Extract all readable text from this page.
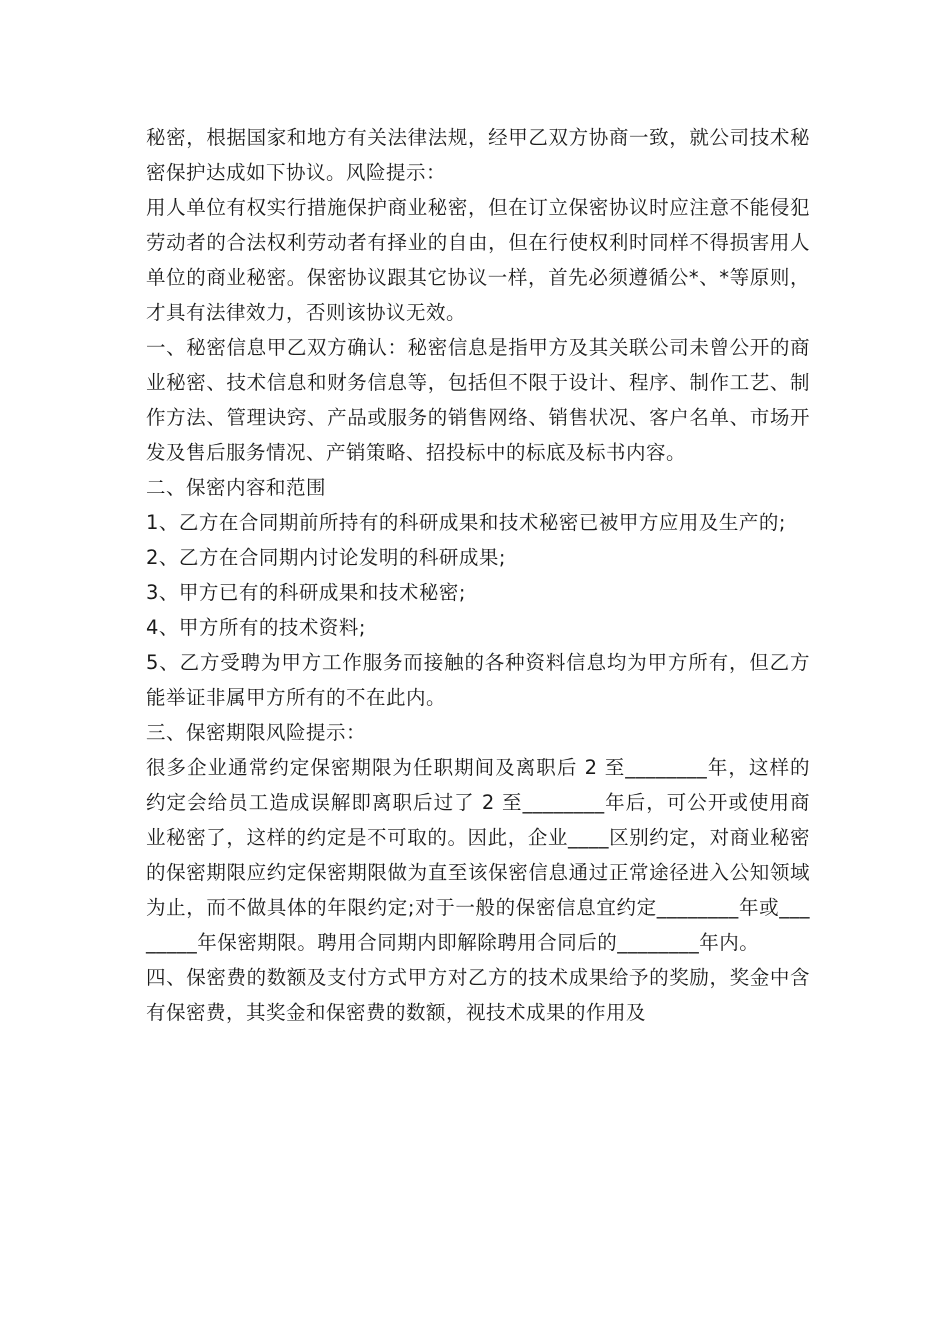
秘密，根据国家和地方有关法律法规，经甲乙双方协商一致，就公司技术秘密保护达成如下协议。风险提示：

用人单位有权实行措施保护商业秘密，但在订立保密协议时应注意不能侵犯劳动者的合法权利劳动者有择业的自由，但在行使权利时同样不得损害用人单位的商业秘密。保密协议跟其它协议一样，首先必须遵循公*、*等原则，才具有法律效力，否则该协议无效。

一、秘密信息甲乙双方确认：秘密信息是指甲方及其关联公司未曾公开的商业秘密、技术信息和财务信息等，包括但不限于设计、程序、制作工艺、制作方法、管理诀窍、产品或服务的销售网络、销售状况、客户名单、市场开发及售后服务情况、产销策略、招投标中的标底及标书内容。

二、保密内容和范围

1、乙方在合同期前所持有的科研成果和技术秘密已被甲方应用及生产的;

2、乙方在合同期内讨论发明的科研成果;

3、甲方已有的科研成果和技术秘密;

4、甲方所有的技术资料;

5、乙方受聘为甲方工作服务而接触的各种资料信息均为甲方所有，但乙方能举证非属甲方所有的不在此内。

三、保密期限风险提示：

很多企业通常约定保密期限为任职期间及离职后 2 至________年，这样的约定会给员工造成误解即离职后过了 2 至________年后，可公开或使用商业秘密了，这样的约定是不可取的。因此，企业____区别约定，对商业秘密的保密期限应约定保密期限做为直至该保密信息通过正常途径进入公知领域为止，而不做具体的年限约定;对于一般的保密信息宜约定________年或________年保密期限。聘用合同期内即解除聘用合同后的________年内。

四、保密费的数额及支付方式甲方对乙方的技术成果给予的奖励，奖金中含有保密费，其奖金和保密费的数额，视技术成果的作用及
